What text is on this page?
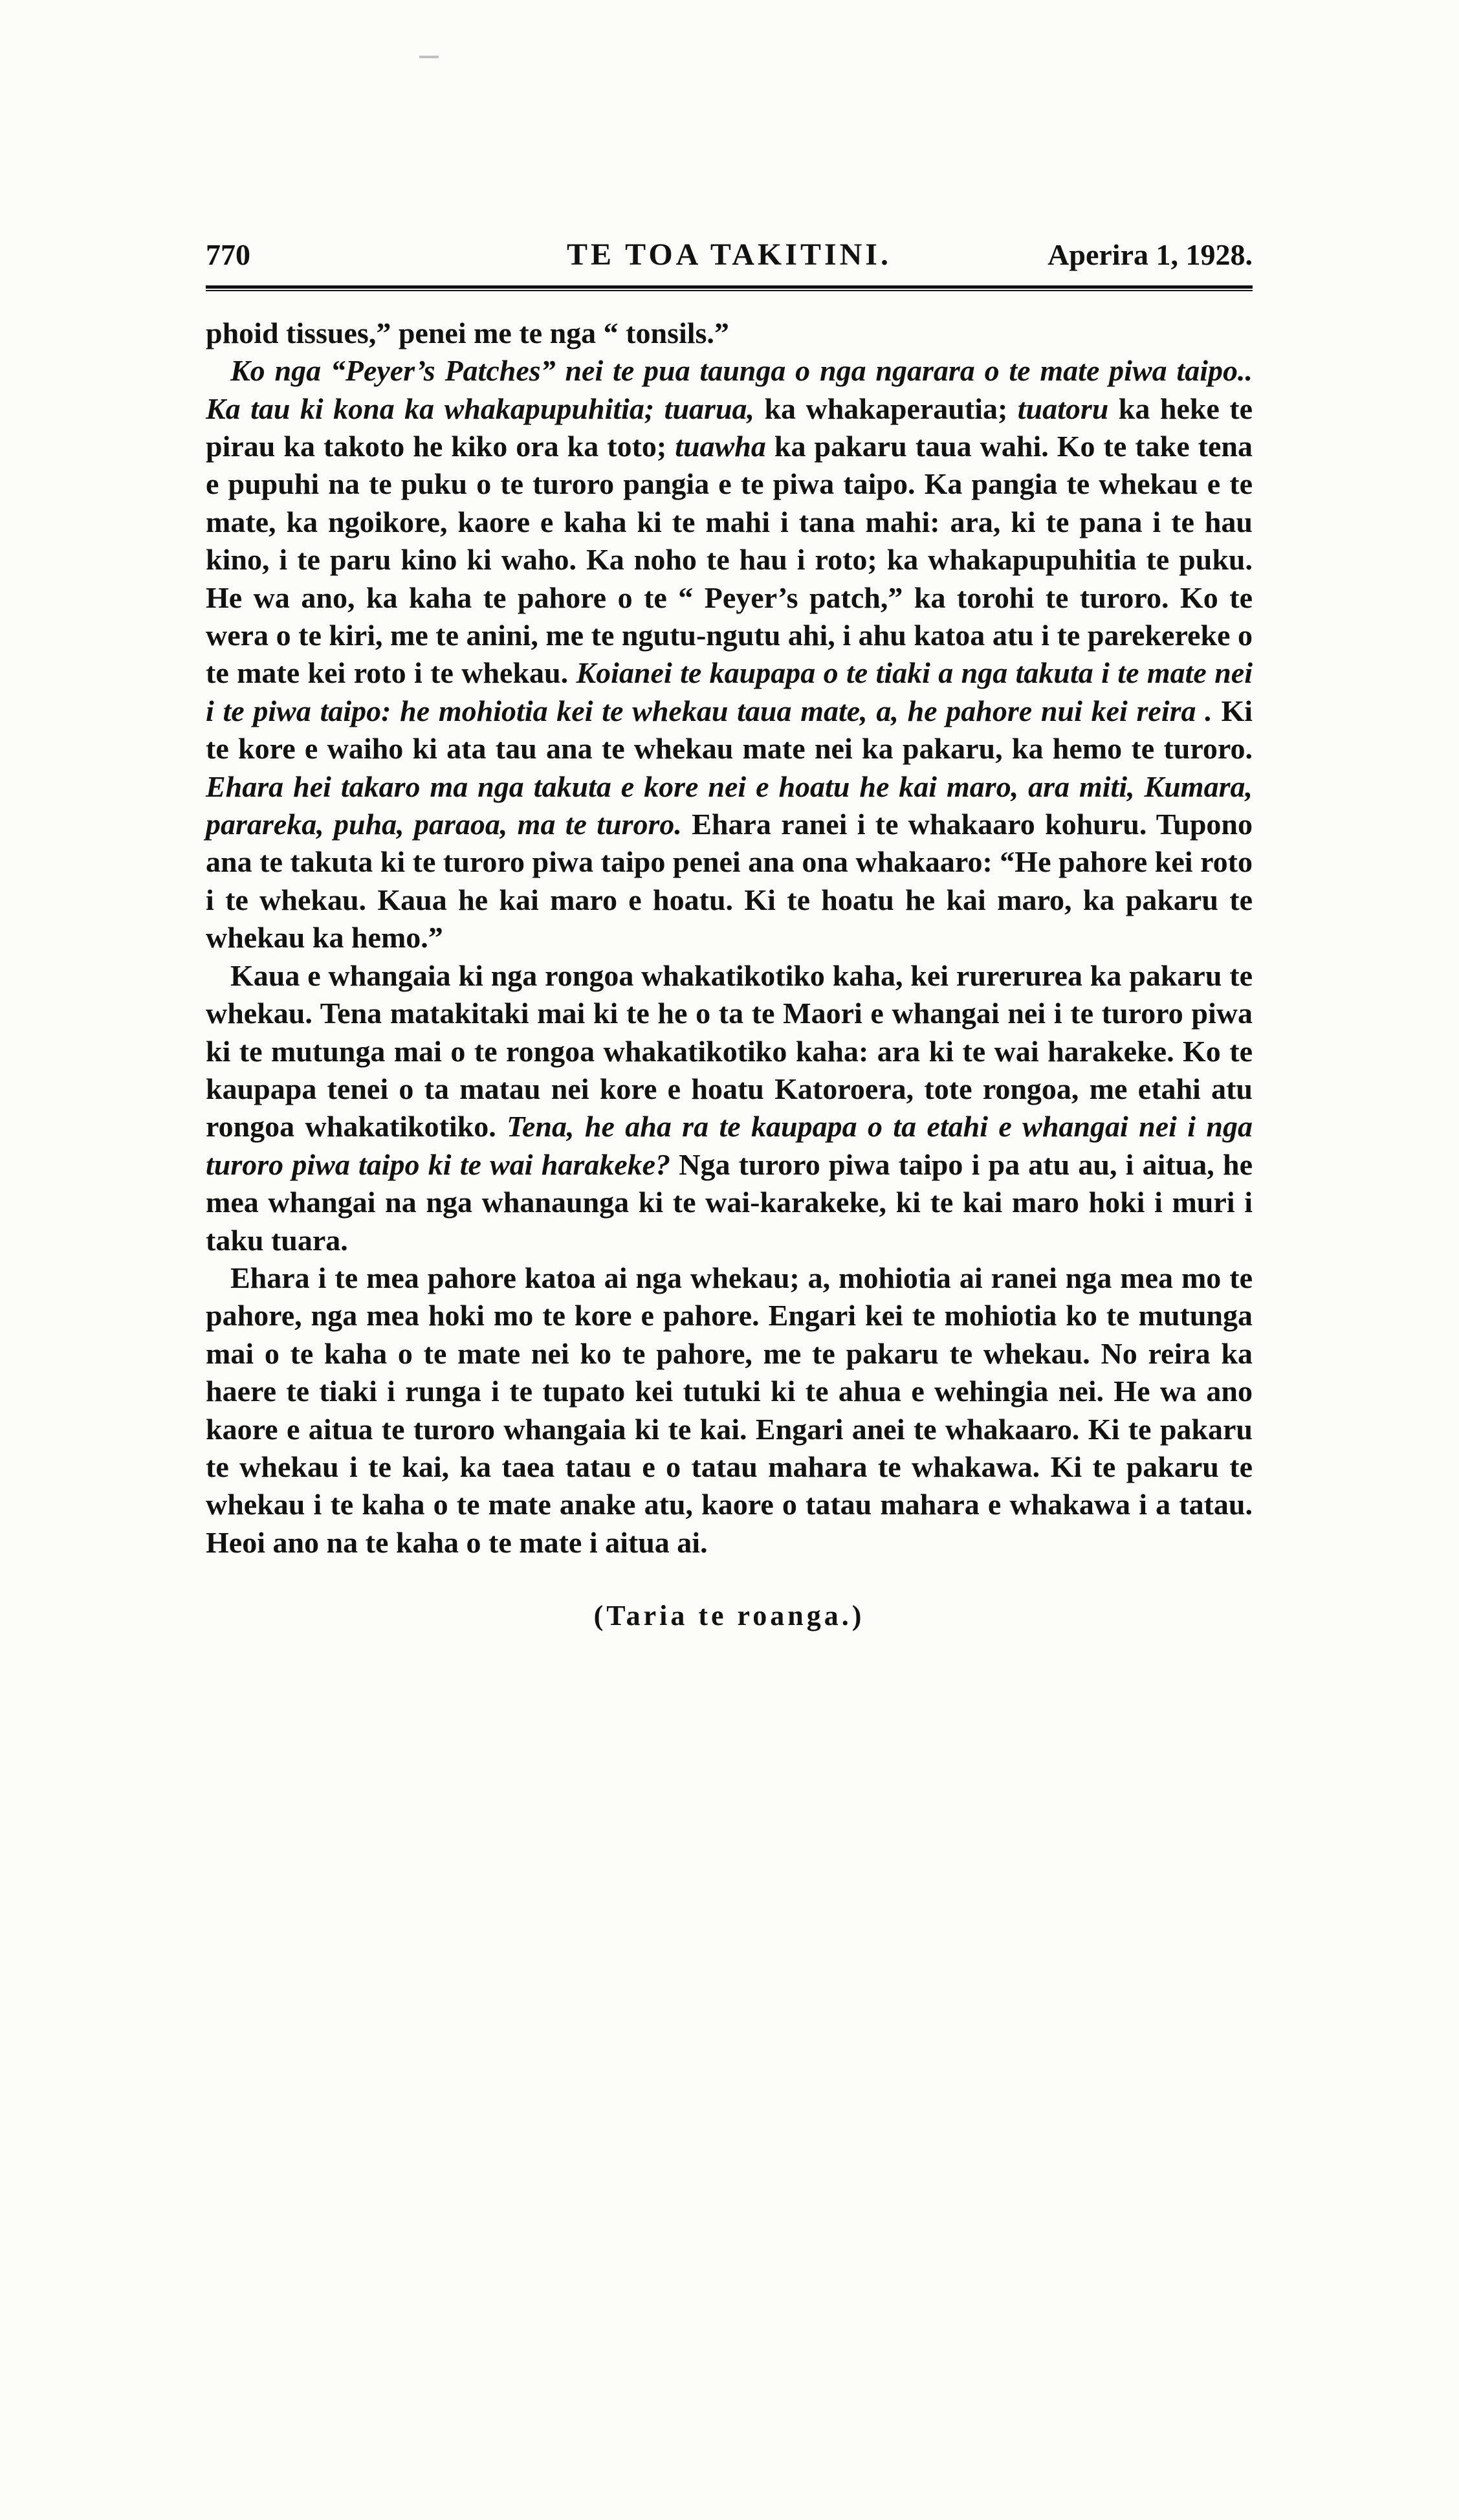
770	TE TOA TAKITINI.	Aperira 1, 1928.

phoid tissues,” penei me te nga “ tonsils.”

Ko nga “Peyer’s Patches” nei te pua taunga o nga ngarara o te mate piwa taipo.. Ka tau ki kona ka whakapupuhitia; tuarua, ka whakaperautia; tuatoru ka heke te pirau ka takoto he kiko ora ka toto; tuawha ka pakaru taua wahi. Ko te take tena e pupuhi na te puku o te turoro pangia e te piwa taipo. Ka pangia te whekau e te mate, ka ngoikore, kaore e kaha ki te mahi i tana mahi: ara, ki te pana i te hau kino, i te paru kino ki waho. Ka noho te hau i roto; ka whakapupuhitia te puku. He wa ano, ka kaha te pahore o te “ Peyer’s patch,” ka torohi te turoro. Ko te wera o te kiri, me te anini, me te ngutu-ngutu ahi, i ahu katoa atu i te parekereke o te mate kei roto i te whekau. Koianei te kaupapa o te tiaki a nga takuta i te mate nei i te piwa taipo: he mohiotia kei te whekau taua mate, a, he pahore nui kei reira . Ki te kore e waiho ki ata tau ana te whekau mate nei ka pakaru, ka hemo te turoro. Ehara hei takaro ma nga takuta e kore nei e hoatu he kai maro, ara miti, Kumara, parareka, puha, paraoa, ma te turoro. Ehara ranei i te whakaaro kohuru. Tupono ana te takuta ki te turoro piwa taipo penei ana ona whakaaro: “He pahore kei roto i te whekau. Kaua he kai maro e hoatu. Ki te hoatu he kai maro, ka pakaru te whekau ka hemo.”

Kaua e whangaia ki nga rongoa whakatikotiko kaha, kei rurerurea ka pakaru te whekau. Tena matakitaki mai ki te he o ta te Maori e whangai nei i te turoro piwa ki te mutunga mai o te rongoa whakatikotiko kaha: ara ki te wai harakeke. Ko te kaupapa tenei o ta matau nei kore e hoatu Katoroera, tote rongoa, me etahi atu rongoa whakatikotiko. Tena, he aha ra te kaupapa o ta etahi e whangai nei i nga turoro piwa taipo ki te wai harakeke? Nga turoro piwa taipo i pa atu au, i aitua, he mea whangai na nga whanaunga ki te wai-karakeke, ki te kai maro hoki i muri i taku tuara.

Ehara i te mea pahore katoa ai nga whekau; a, mohiotia ai ranei nga mea mo te pahore, nga mea hoki mo te kore e pahore. Engari kei te mohiotia ko te mutunga mai o te kaha o te mate nei ko te pahore, me te pakaru te whekau. No reira ka haere te tiaki i runga i te tupato kei tutuki ki te ahua e wehingia nei. He wa ano kaore e aitua te turoro whangaia ki te kai. Engari anei te whakaaro. Ki te pakaru te whekau i te kai, ka taea tatau e o tatau mahara te whakawa. Ki te pakaru te whekau i te kaha o te mate anake atu, kaore o tatau mahara e whakawa i a tatau. Heoi ano na te kaha o te mate i aitua ai.

(Taria te roanga.)
